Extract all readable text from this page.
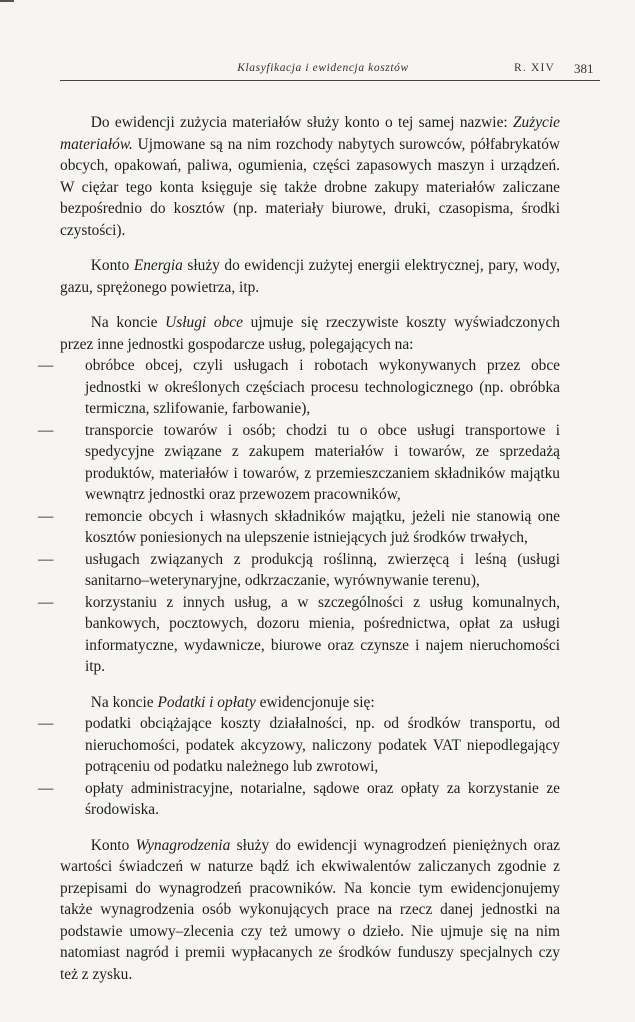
Klasyfikacja i ewidencja kosztów	R. XIV 381

Do ewidencji zużycia materiałów służy konto o tej samej nazwie: Zużycie materiałów. Ujmowane są na nim rozchody nabytych surowców, półfabrykatów obcych, opakowań, paliwa, ogumienia, części zapasowych maszyn i urządzeń. W ciężar tego konta księguje się także drobne zakupy materiałów zaliczane bezpośrednio do kosztów (np. materiały biurowe, druki, czasopisma, środki czystości).

Konto Energia służy do ewidencji zużytej energii elektrycznej, pary, wody, gazu, sprężonego powietrza, itp.

Na koncie Usługi obce ujmuje się rzeczywiste koszty wyświadczonych przez inne jednostki gospodarcze usług, polegających na:

— obróbce obcej, czyli usługach i robotach wykonywanych przez obce jednostki w określonych częściach procesu technologicznego (np. obróbka termiczna, szlifowanie, farbowanie),
— transporcie towarów i osób; chodzi tu o obce usługi transportowe i spedycyjne związane z zakupem materiałów i towarów, ze sprzedażą produktów, materiałów i towarów, z przemieszczaniem składników majątku wewnątrz jednostki oraz przewozem pracowników,
— remoncie obcych i własnych składników majątku, jeżeli nie stanowią one kosztów poniesionych na ulepszenie istniejących już środków trwałych,
— usługach związanych z produkcją roślinną, zwierzęcą i leśną (usługi sanitarno–weterynaryjne, odkrzaczanie, wyrównywanie terenu),
— korzystaniu z innych usług, a w szczególności z usług komunalnych, bankowych, pocztowych, dozoru mienia, pośrednictwa, opłat za usługi informatyczne, wydawnicze, biurowe oraz czynsze i najem nieruchomości itp.

Na koncie Podatki i opłaty ewidencjonuje się:

— podatki obciążające koszty działalności, np. od środków transportu, od nieruchomości, podatek akcyzowy, naliczony podatek VAT niepodlegający potrąceniu od podatku należnego lub zwrotowi,
— opłaty administracyjne, notarialne, sądowe oraz opłaty za korzystanie ze środowiska.

Konto Wynagrodzenia służy do ewidencji wynagrodzeń pieniężnych oraz wartości świadczeń w naturze bądź ich ekwiwalentów zaliczanych zgodnie z przepisami do wynagrodzeń pracowników. Na koncie tym ewidencjonujemy także wynagrodzenia osób wykonujących prace na rzecz danej jednostki na podstawie umowy–zlecenia czy też umowy o dzieło. Nie ujmuje się na nim natomiast nagród i premii wypłacanych ze środków funduszy specjalnych czy też z zysku.
